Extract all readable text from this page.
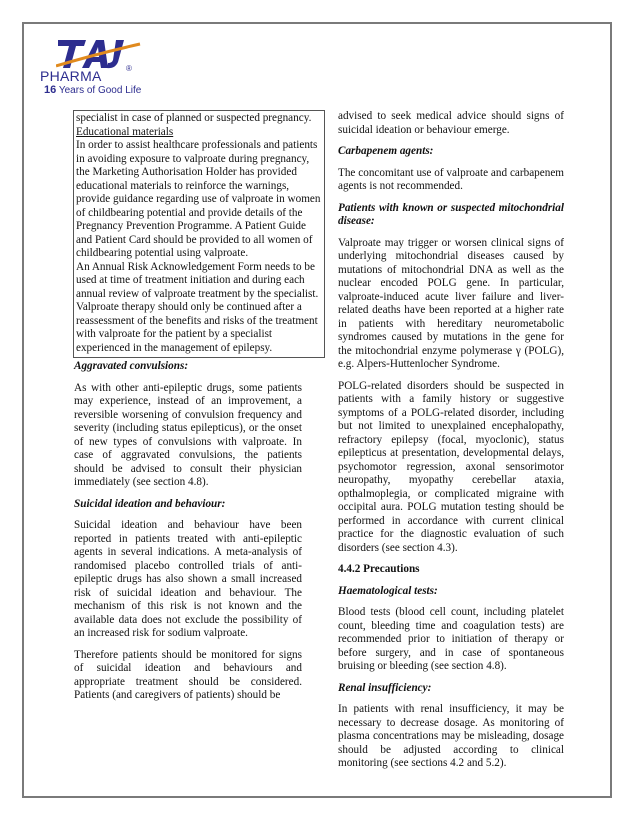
PHARMA	®
16 Years of Good Life

specialist in case of planned or suspected pregnancy.

Educational materials

In order to assist healthcare professionals and patients in avoiding exposure to valproate during pregnancy, the Marketing Authorisation Holder has provided educational materials to reinforce the warnings, provide guidance regarding use of valproate in women of childbearing potential and provide details of the Pregnancy Prevention Programme. A Patient Guide and Patient Card should be provided to all women of childbearing potential using valproate.

An Annual Risk Acknowledgement Form needs to be used at time of treatment initiation and during each annual review of valproate treatment by the specialist.

Valproate therapy should only be continued after a reassessment of the benefits and risks of the treatment with valproate for the patient by a specialist experienced in the management of epilepsy.

Aggravated convulsions:

As with other anti-epileptic drugs, some patients may experience, instead of an improvement, a reversible worsening of convulsion frequency and severity (including status epilepticus), or the onset of new types of convulsions with valproate. In case of aggravated convulsions, the patients should be advised to consult their physician immediately (see section 4.8).

Suicidal ideation and behaviour:

Suicidal ideation and behaviour have been reported in patients treated with anti-epileptic agents in several indications. A meta-analysis of randomised placebo controlled trials of anti-epileptic drugs has also shown a small increased risk of suicidal ideation and behaviour. The mechanism of this risk is not known and the available data does not exclude the possibility of an increased risk for sodium valproate.

Therefore patients should be monitored for signs of suicidal ideation and behaviours and appropriate treatment should be considered. Patients (and caregivers of patients) should be

advised to seek medical advice should signs of suicidal ideation or behaviour emerge.

Carbapenem agents:

The concomitant use of valproate and carbapenem agents is not recommended.

Patients with known or suspected mitochondrial disease:

Valproate may trigger or worsen clinical signs of underlying mitochondrial diseases caused by mutations of mitochondrial DNA as well as the nuclear encoded POLG gene. In particular, valproate-induced acute liver failure and liver-related deaths have been reported at a higher rate in patients with hereditary neurometabolic syndromes caused by mutations in the gene for the mitochondrial enzyme polymerase γ (POLG), e.g. Alpers-Huttenlocher Syndrome.

POLG-related disorders should be suspected in patients with a family history or suggestive symptoms of a POLG-related disorder, including but not limited to unexplained encephalopathy, refractory epilepsy (focal, myoclonic), status epilepticus at presentation, developmental delays, psychomotor regression, axonal sensorimotor neuropathy, myopathy cerebellar ataxia, opthalmoplegia, or complicated migraine with occipital aura. POLG mutation testing should be performed in accordance with current clinical practice for the diagnostic evaluation of such disorders (see section 4.3).

4.4.2 Precautions
Haematological tests:

Blood tests (blood cell count, including platelet count, bleeding time and coagulation tests) are recommended prior to initiation of therapy or before surgery, and in case of spontaneous bruising or bleeding (see section 4.8).

Renal insufficiency:

In patients with renal insufficiency, it may be necessary to decrease dosage. As monitoring of plasma concentrations may be misleading, dosage should be adjusted according to clinical monitoring (see sections 4.2 and 5.2).
